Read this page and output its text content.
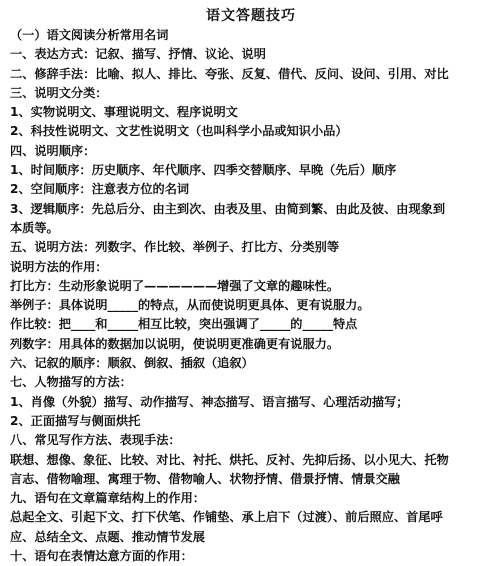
语文答题技巧
（一）语文阅读分析常用名词
一、表达方式：记叙、描写、抒情、议论、说明
二、修辞手法：比喻、拟人、排比、夸张、反复、借代、反问、设问、引用、对比
三、说明文分类：
1、实物说明文、事理说明文、程序说明文
2、科技性说明文、文艺性说明文（也叫科学小品或知识小品）
四、说明顺序：
1、时间顺序：历史顺序、年代顺序、四季交替顺序、早晚（先后）顺序
2、空间顺序：注意表方位的名词
3、逻辑顺序：先总后分、由主到次、由表及里、由简到繁、由此及彼、由现象到
本质等。
五、说明方法：列数字、作比较、举例子、打比方、分类别等
说明方法的作用：
打比方：生动形象说明了——————增强了文章的趣味性。
举例子：具体说明_____的特点，从而使说明更具体、更有说服力。
作比较：把____和_____相互比较，突出强调了_____的_____特点
列数字：用具体的数据加以说明，使说明更准确更有说服力。
六、记叙的顺序：顺叙、倒叙、插叙（追叙）
七、人物描写的方法：
1、肖像（外貌）描写、动作描写、神态描写、语言描写、心理活动描写；
2、正面描写与侧面烘托
八、常见写作方法、表现手法：
联想、想像、象征、比较、对比、衬托、烘托、反衬、先抑后扬、以小见大、托物
言志、借物喻理、寓理于物、借物喻人、状物抒情、借景抒情、情景交融
九、语句在文章篇章结构上的作用：
总起全文、引起下文、打下伏笔、作铺垫、承上启下（过渡）、前后照应、首尾呼
应、总结全文、点题、推动情节发展
十、语句在表情达意方面的作用：
